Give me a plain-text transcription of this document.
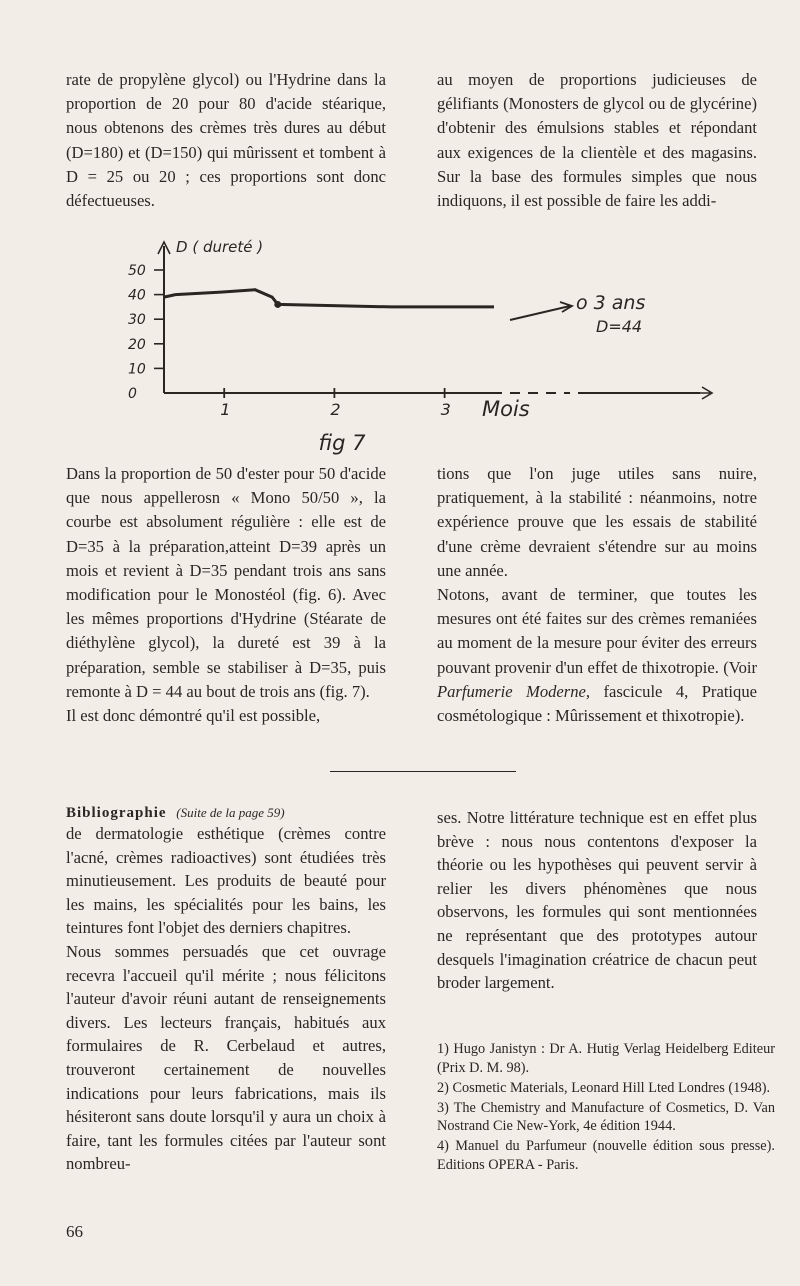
rate de propylène glycol) ou l'Hydrine dans la proportion de 20 pour 80 d'acide stéarique, nous obtenons des crèmes très dures au début (D=180) et (D=150) qui mûrissent et tombent à D = 25 ou 20 ; ces proportions sont donc défectueuses.

au moyen de proportions judicieuses de gélifiants (Monosters de glycol ou de glycérine) d'obtenir des émulsions stables et répondant aux exigences de la clientèle et des magasins. Sur la base des formules simples que nous indiquons, il est possible de faire les addi-

D ( dureté )
50
40
30
20
10
0
1	2	3
o 3 ans
D=44
Mois
fig 7

Dans la proportion de 50 d'ester pour 50 d'acide que nous appellerosn « Mono 50/50 », la courbe est absolument régulière : elle est de D=35 à la préparation,atteint D=39 après un mois et revient à D=35 pendant trois ans sans modification pour le Monostéol (fig. 6). Avec les mêmes proportions d'Hydrine (Stéarate de diéthylène glycol), la dureté est 39 à la préparation, semble se stabiliser à D=35, puis remonte à D = 44 au bout de trois ans (fig. 7).

Il est donc démontré qu'il est possible,

tions que l'on juge utiles sans nuire, pratiquement, à la stabilité : néanmoins, notre expérience prouve que les essais de stabilité d'une crème devraient s'étendre sur au moins une année.

Notons, avant de terminer, que toutes les mesures ont été faites sur des crèmes remaniées au moment de la mesure pour éviter des erreurs pouvant provenir d'un effet de thixotropie. (Voir Parfumerie Moderne, fascicule 4, Pratique cosmétologique : Mûrissement et thixotropie).

Bibliographie (Suite de la page 59)

de dermatologie esthétique (crèmes contre l'acné, crèmes radioactives) sont étudiées très minutieusement. Les produits de beauté pour les mains, les spécialités pour les bains, les teintures font l'objet des derniers chapitres.

Nous sommes persuadés que cet ouvrage recevra l'accueil qu'il mérite ; nous félicitons l'auteur d'avoir réuni autant de renseignements divers. Les lecteurs français, habitués aux formulaires de R. Cerbelaud et autres, trouveront certainement de nouvelles indications pour leurs fabrications, mais ils hésiteront sans doute lorsqu'il y aura un choix à faire, tant les formules citées par l'auteur sont nombreu-

ses. Notre littérature technique est en effet plus brève : nous nous contentons d'exposer la théorie ou les hypothèses qui peuvent servir à relier les divers phénomènes que nous observons, les formules qui sont mentionnées ne représentant que des prototypes autour desquels l'imagination créatrice de chacun peut broder largement.

1) Hugo Janistyn : Dr A. Hutig Verlag Heidelberg Editeur (Prix D. M. 98).

2) Cosmetic Materials, Leonard Hill Lted Londres (1948).

3) The Chemistry and Manufacture of Cosmetics, D. Van Nostrand Cie New-York, 4e édition 1944.

4) Manuel du Parfumeur (nouvelle édition sous presse). Editions OPERA - Paris.

66
